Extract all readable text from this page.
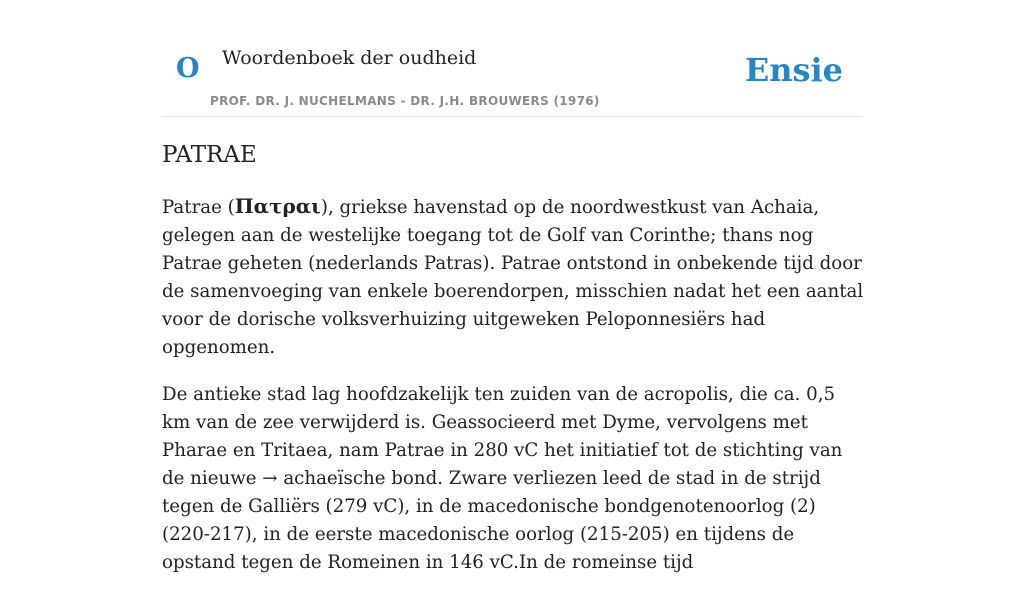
O Woordenboek der oudheid
PROF. DR. J. NUCHELMANS - DR. J.H. BROUWERS (1976)
Ensie
PATRAE

Patrae (Πατραι), griekse havenstad op de noordwestkust van Achaia, gelegen aan de westelijke toegang tot de Golf van Corinthe; thans nog Patrae geheten (nederlands Patras). Patrae ontstond in onbekende tijd door de samenvoeging van enkele boerendorpen, misschien nadat het een aantal voor de dorische volksverhuizing uitgeweken Peloponnesiërs had opgenomen.

De antieke stad lag hoofdzakelijk ten zuiden van de acropolis, die ca. 0,5 km van de zee verwijderd is. Geassocieerd met Dyme, vervolgens met Pharae en Tritaea, nam Patrae in 280 vC het initiatief tot de stichting van de nieuwe → achaeïsche bond. Zware verliezen leed de stad in de strijd tegen de Galliërs (279 vC), in de macedonische bondgenotenoorlog (2) (220-217), in de eerste macedonische oorlog (215-205) en tijdens de opstand tegen de Romeinen in 146 vC.In de romeinse tijd
